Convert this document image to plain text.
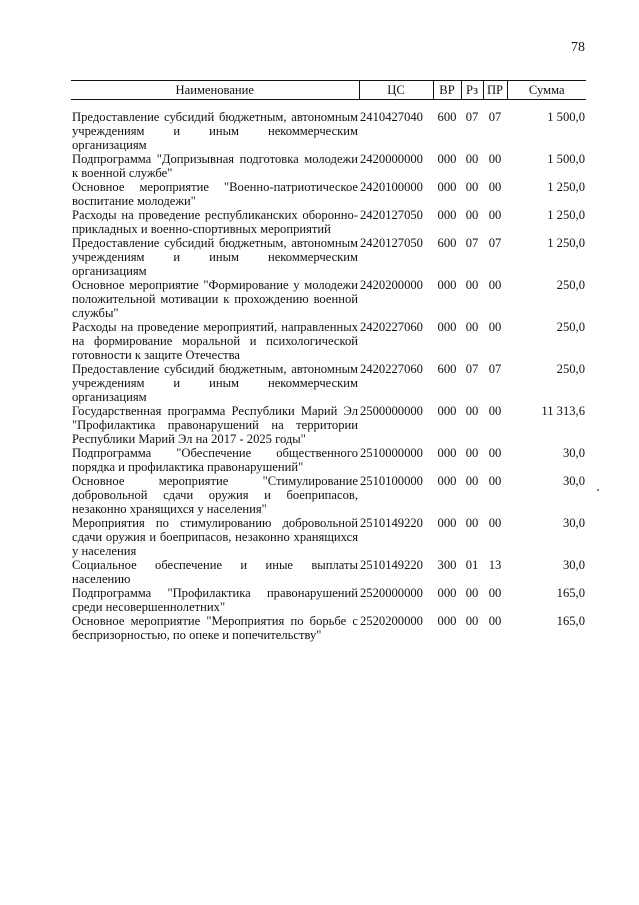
78
Наименование	ЦС	ВР	Рз	ПР	Сумма
Предоставление субсидий бюджетным, автономным учреждениям и иным некоммерческим организациям	2410427040	600	07	07	1 500,0
Подпрограмма "Допризывная подготовка молодежи к военной службе"	2420000000	000	00	00	1 500,0
Основное мероприятие "Военно-патриотическое воспитание молодежи"	2420100000	000	00	00	1 250,0
Расходы на проведение республиканских оборонно-прикладных и военно-спортивных мероприятий	2420127050	000	00	00	1 250,0
Предоставление субсидий бюджетным, автономным учреждениям и иным некоммерческим организациям	2420127050	600	07	07	1 250,0
Основное мероприятие "Формирование у молодежи положительной мотивации к прохождению военной службы"	2420200000	000	00	00	250,0
Расходы на проведение мероприятий, направленных на формирование моральной и психологической готовности к защите Отечества	2420227060	000	00	00	250,0
Предоставление субсидий бюджетным, автономным учреждениям и иным некоммерческим организациям	2420227060	600	07	07	250,0
Государственная программа Республики Марий Эл "Профилактика правонарушений на территории Республики Марий Эл на 2017 - 2025 годы"	2500000000	000	00	00	11 313,6
Подпрограмма "Обеспечение общественного порядка и профилактика правонарушений"	2510000000	000	00	00	30,0
Основное мероприятие "Стимулирование добровольной сдачи оружия и боеприпасов, незаконно хранящихся у населения"	2510100000	000	00	00	30,0
Мероприятия по стимулированию добровольной сдачи оружия и боеприпасов, незаконно хранящихся у населения	2510149220	000	00	00	30,0
Социальное обеспечение и иные выплаты населению	2510149220	300	01	13	30,0
Подпрограмма "Профилактика правонарушений среди несовершеннолетних"	2520000000	000	00	00	165,0
Основное мероприятие "Мероприятия по борьбе с беспризорностью, по опеке и попечительству"	2520200000	000	00	00	165,0
